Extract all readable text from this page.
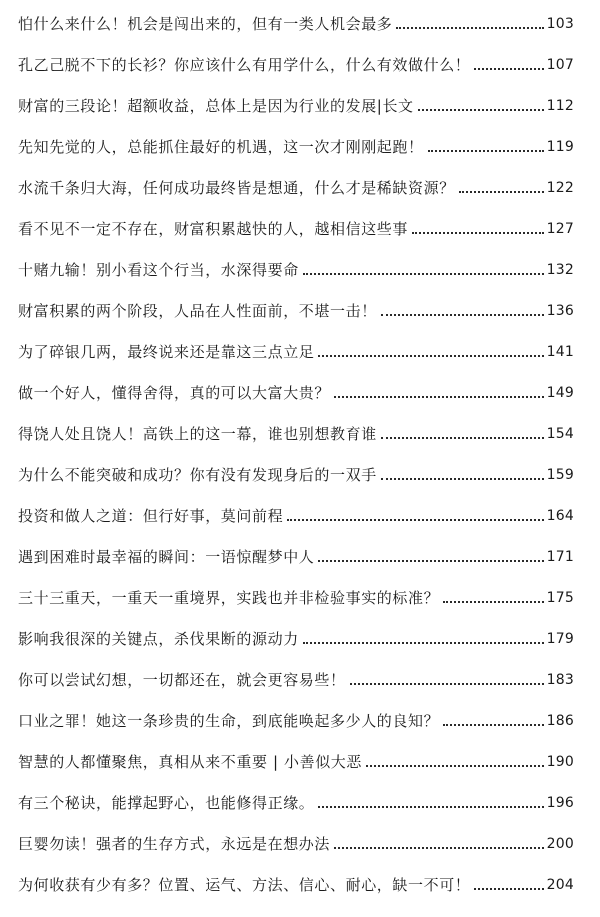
怕什么来什么！机会是闯出来的，但有一类人机会最多	103
孔乙己脱不下的长衫？你应该什么有用学什么，什么有效做什么！	107
财富的三段论！超额收益，总体上是因为行业的发展|长文	112
先知先觉的人，总能抓住最好的机遇，这一次才刚刚起跑！	119
水流千条归大海，任何成功最终皆是想通，什么才是稀缺资源？	122
看不见不一定不存在，财富积累越快的人，越相信这些事	127
十赌九输！别小看这个行当，水深得要命	132
财富积累的两个阶段，人品在人性面前，不堪一击！	136
为了碎银几两，最终说来还是靠这三点立足	141
做一个好人，懂得舍得，真的可以大富大贵？	149
得饶人处且饶人！高铁上的这一幕，谁也别想教育谁	154
为什么不能突破和成功？你有没有发现身后的一双手	159
投资和做人之道：但行好事，莫问前程	164
遇到困难时最幸福的瞬间：一语惊醒梦中人	171
三十三重天，一重天一重境界，实践也并非检验事实的标准？	175
影响我很深的关键点，杀伐果断的源动力	179
你可以尝试幻想，一切都还在，就会更容易些！	183
口业之罪！她这一条珍贵的生命，到底能唤起多少人的良知？	186
智慧的人都懂聚焦，真相从来不重要 | 小善似大恶	190
有三个秘诀，能撑起野心，也能修得正缘。	196
巨婴勿读！强者的生存方式，永远是在想办法	200
为何收获有少有多？位置、运气、方法、信心、耐心，缺一不可！	204
